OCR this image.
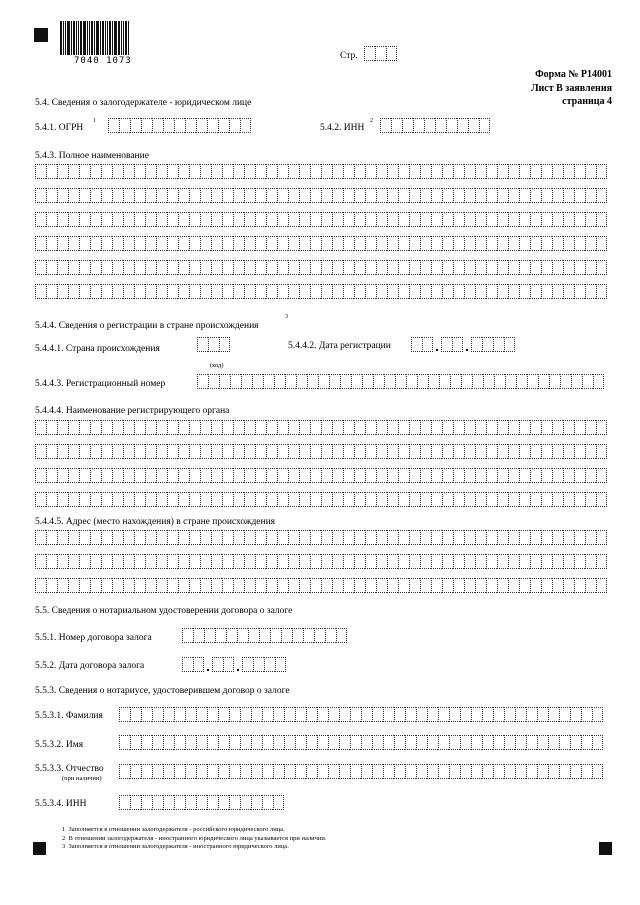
7040 1073	Стр.
Форма № Р14001
Лист В заявления
страница 4
5.4. Сведения о залогодержателе - юридическом лице
5.4.1. ОГРН
1
5.4.2. ИНН
2
5.4.3. Полное наименование
5.4.4. Сведения о регистрации в стране происхождения
3
5.4.4.1. Страна происхождения
(код)
5.4.4.2. Дата регистрации
5.4.4.3. Регистрационный номер
5.4.4.4. Наименование регистрирующего органа
5.4.4.5. Адрес (место нахождения) в стране происхождения
5.5. Сведения о нотариальном удостоверении договора о залоге
5.5.1. Номер договора залога
5.5.2. Дата договора залога
5.5.3. Сведения о нотариусе, удостоверившем договор о залоге
5.5.3.1. Фамилия
5.5.3.2. Имя
5.5.3.3. Отчество
(при наличии)
5.5.3.4. ИНН
1 Заполняется в отношении залогодержателя - российского юридического лица.
2 В отношении залогодержателя - иностранного юридического лица указывается при наличии.
3 Заполняется в отношении залогодержателя - иностранного юридического лица.
